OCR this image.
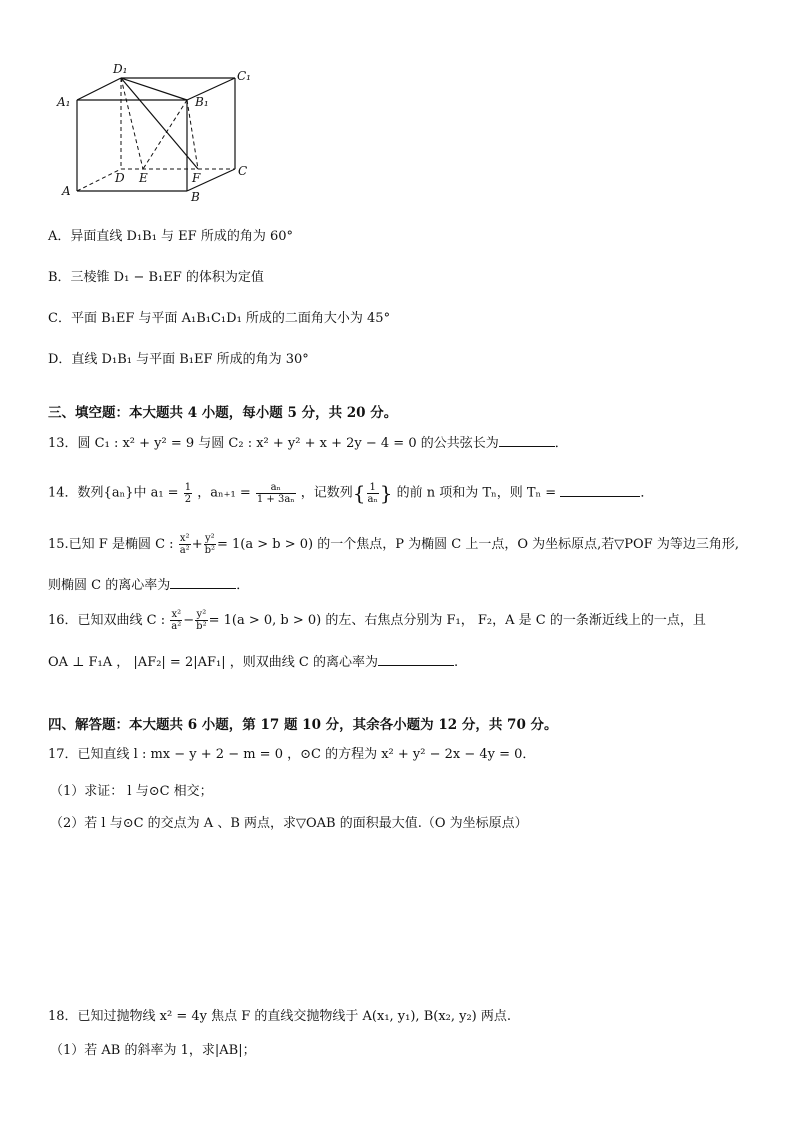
D₁	C₁
A₁	B₁
D E	F	C
A	B
A．异面直线 D₁B₁ 与 EF 所成的角为 60°
B．三棱锥 D₁ − B₁EF 的体积为定值
C．平面 B₁EF 与平面 A₁B₁C₁D₁ 所成的二面角大小为 45°
D．直线 D₁B₁ 与平面 B₁EF 所成的角为 30°
三、填空题：本大题共 4 小题，每小题 5 分，共 20 分。
13．圆 C₁ : x² + y² = 9 与圆 C₂ : x² + y² + x + 2y − 4 = 0 的公共弦长为	．
14．数列{aₙ}中 $a_1 = \frac{1}{2}$ ，$a_{n+1} = \frac{\text{aₙ}}{\text{1 + 3aₙ}}$ ，记数列{ $\frac{1}{\text{aₙ}}$ } 的前 n 项和为 Tₙ，则 Tₙ =	．
15.已知 F 是椭圆 C : $\frac{\text{x²}}{\text{a²}} + \frac{\text{y²}}{\text{b²}} = 1(a > b > 0)$ 的一个焦点，P 为椭圆 C 上一点，O 为坐标原点,若▽POF 为等边三角形,
则椭圆 C 的离心率为	．
16．已知双曲线 C : $\frac{\text{x²}}{\text{a²}} - \frac{\text{y²}}{\text{b²}} = 1(a > 0$, b > 0) 的左、右焦点分别为 F₁， F₂，A 是 C 的一条渐近线上的一点，且
OA ⊥ F₁A ， |AF₂| = 2|AF₁| ，则双曲线 C 的离心率为	.
四、解答题：本大题共 6 小题，第 17 题 10 分，其余各小题为 12 分，共 70 分。
17．已知直线 l : mx − y + 2 − m = 0 ，⊙C 的方程为 x² + y² − 2x − 4y = 0．
（1）求证： l 与⊙C 相交；
（2）若 l 与⊙C 的交点为 A 、B 两点，求▽OAB 的面积最大值.（O 为坐标原点）
18．已知过抛物线 x² = 4y 焦点 F 的直线交抛物线于 A(x₁, y₁), B(x₂, y₂) 两点.
（1）若 AB 的斜率为 1，求|AB|；
